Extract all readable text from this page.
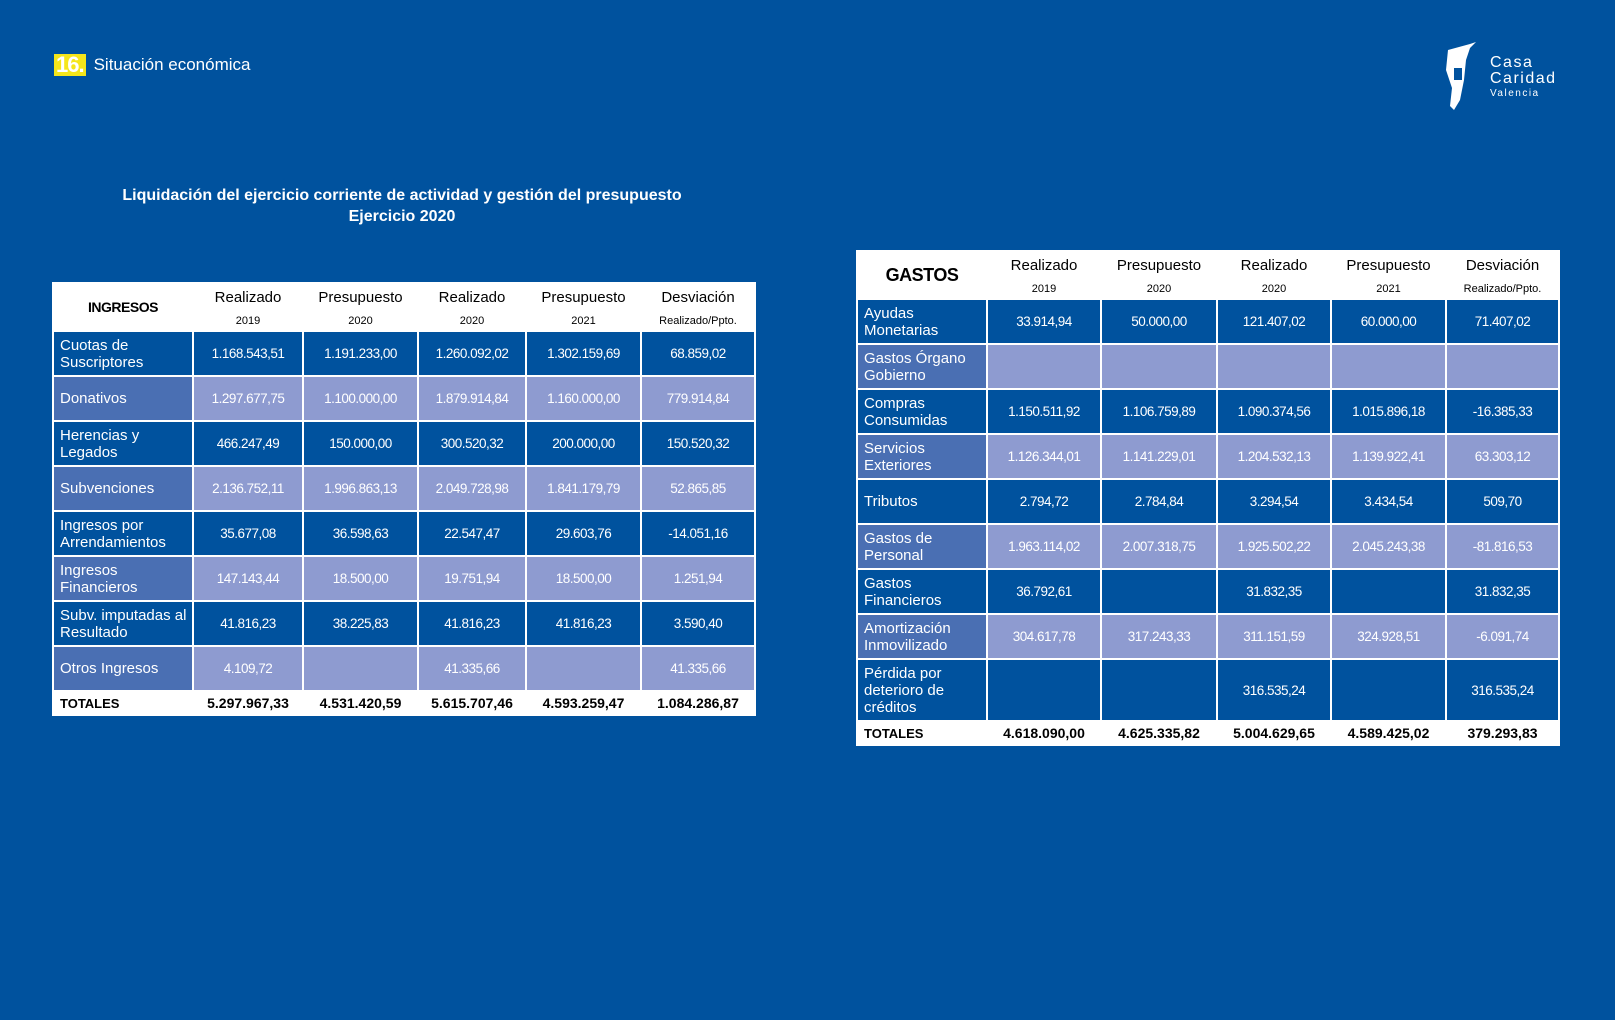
16. Situación económica	Casa
Caridad
Valencia
Liquidación del ejercicio corriente de actividad y gestión del presupuesto
Ejercicio 2020
INGRESOS	Realizado	Presupuesto	Realizado	Presupuesto	Desviación
	2019	2020	2020	2021	Realizado/Ppto.
Cuotas de Suscriptores	1.168.543,51	1.191.233,00	1.260.092,02	1.302.159,69	68.859,02
Donativos	1.297.677,75	1.100.000,00	1.879.914,84	1.160.000,00	779.914,84
Herencias y Legados	466.247,49	150.000,00	300.520,32	200.000,00	150.520,32
Subvenciones	2.136.752,11	1.996.863,13	2.049.728,98	1.841.179,79	52.865,85
Ingresos por Arrendamientos	35.677,08	36.598,63	22.547,47	29.603,76	-14.051,16
Ingresos Financieros	147.143,44	18.500,00	19.751,94	18.500,00	1.251,94
Subv. imputadas al Resultado	41.816,23	38.225,83	41.816,23	41.816,23	3.590,40
Otros Ingresos	4.109,72		41.335,66		41.335,66
TOTALES	5.297.967,33	4.531.420,59	5.615.707,46	4.593.259,47	1.084.286,87
GASTOS	Realizado	Presupuesto	Realizado	Presupuesto	Desviación
	2019	2020	2020	2021	Realizado/Ppto.
Ayudas Monetarias	33.914,94	50.000,00	121.407,02	60.000,00	71.407,02
Gastos Órgano Gobierno					
Compras Consumidas	1.150.511,92	1.106.759,89	1.090.374,56	1.015.896,18	-16.385,33
Servicios Exteriores	1.126.344,01	1.141.229,01	1.204.532,13	1.139.922,41	63.303,12
Tributos	2.794,72	2.784,84	3.294,54	3.434,54	509,70
Gastos de Personal	1.963.114,02	2.007.318,75	1.925.502,22	2.045.243,38	-81.816,53
Gastos Financieros	36.792,61		31.832,35		31.832,35
Amortización Inmovilizado	304.617,78	317.243,33	311.151,59	324.928,51	-6.091,74
Pérdida por deterioro de créditos			316.535,24		316.535,24
TOTALES	4.618.090,00	4.625.335,82	5.004.629,65	4.589.425,02	379.293,83
